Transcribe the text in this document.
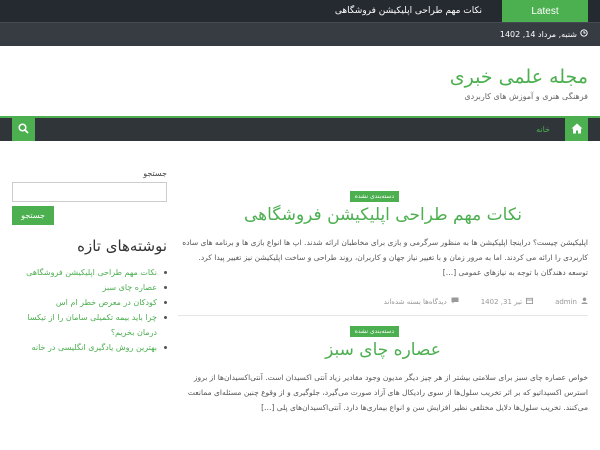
نکات مهم طراحی اپلیکیشن فروشگاهی	Latest
شنبه, مرداد 14, 1402
مجله علمی خبری
فرهنگی هنری و آموزش های کاربردی
خانه
دسته‌بندی نشده
نکات مهم طراحی اپلیکیشن فروشگاهی
اپلیکیشن چیست؟ دراینجا اپلیکیشن ها به منظور سرگرمی و بازی برای مخاطبان ارائه شدند. اپ ها انواع بازی ها و برنامه های ساده کاربردی را ارائه می کردند. اما به مرور زمان و با تغییر نیاز جهان و کاربران، روند طراحی و ساخت اپلیکیشن نیز تغییر پیدا کرد. توسعه دهندگان با توجه به نیازهای عمومی […]
admin
تیر 31, 1402
دیدگاه‌ها بسته شده‌اند
دسته‌بندی نشده
عصاره چای سبز
خواص عصاره چای سبز برای سلامتی بیشتر از هر چیز دیگر مدیون وجود مقادیر زیاد آنتی اکسیدان است. آنتی‌اکسیدان‌ها از بروز استرس اکسیداتیو که بر اثر تخریب سلول‌ها از سوی رادیکال های آزاد صورت می‌گیرد، جلوگیری و از وقوع چنین مسئله‌ای ممانعت می‌کنند. تخریب سلول‌ها دلایل مختلفی نظیر افزایش سن و انواع بیماری‌ها دارد. آنتی‌اکسیدان‌های پلی […]
جستجو
جستجو
نوشته‌های تازه
نکات مهم طراحی اپلیکیشن فروشگاهی
عصاره چای سبز
کودکان در معرض خطر ام اس
چرا باید بیمه تکمیلی سامان را از تیکسا درمان بخریم؟
بهترین روش یادگیری انگلیسی در خانه
